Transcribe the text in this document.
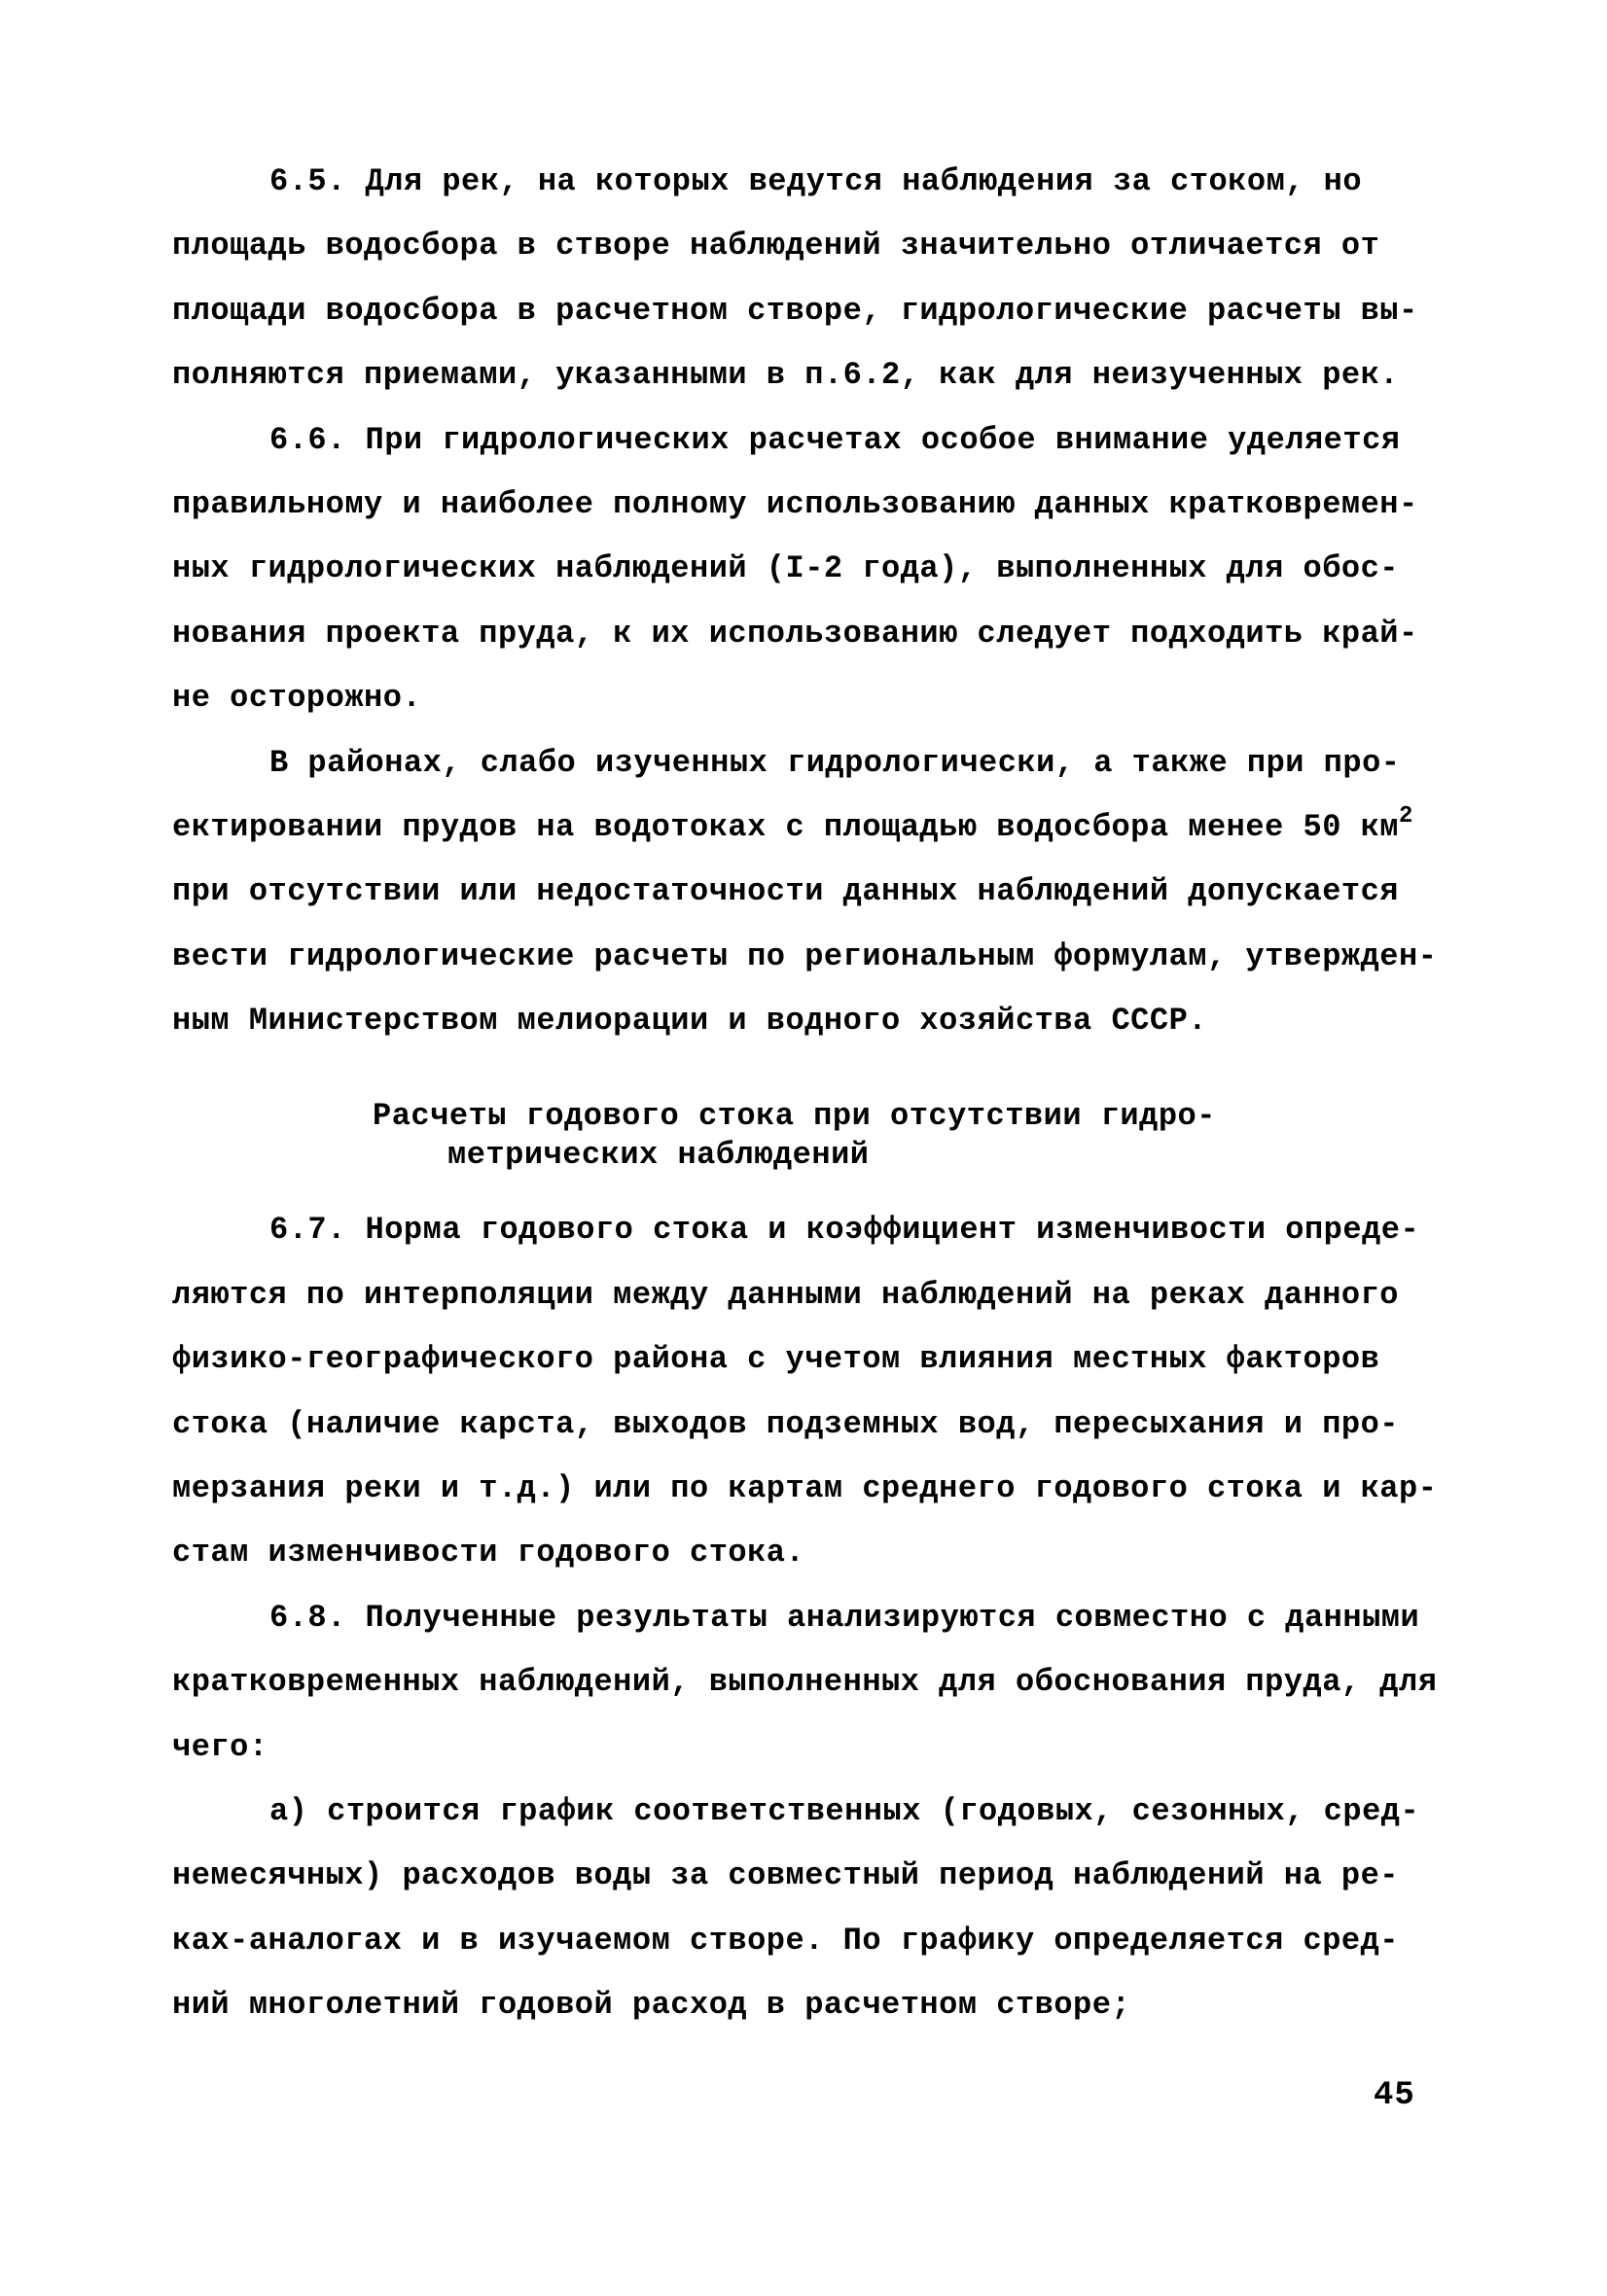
6.5. Для рек, на которых ведутся наблюдения за стоком, но
площадь водосбора в створе наблюдений значительно отличается от
площади водосбора в расчетном створе, гидрологические расчеты вы-
полняются приемами, указанными в п.6.2, как для неизученных рек.
6.6. При гидрологических расчетах особое внимание уделяется
правильному и наиболее полному использованию данных кратковремен-
ных гидрологических наблюдений (I-2 года), выполненных для обос-
нования проекта пруда, к их использованию следует подходить край-
не осторожно.
В районах, слабо изученных гидрологически, а также при про-
ектировании прудов на водотоках с площадью водосбора менее 50 $км^2$
при отсутствии или недостаточности данных наблюдений допускается
вести гидрологические расчеты по региональным формулам, утвержден-
ным Министерством мелиорации и водного хозяйства СССР.
Расчеты годового стока при отсутствии гидро-
метрических наблюдений
6.7. Норма годового стока и коэффициент изменчивости опреде-
ляются по интерполяции между данными наблюдений на реках данного
физико-географического района с учетом влияния местных факторов
стока (наличие карста, выходов подземных вод, пересыхания и про-
мерзания реки и т.д.) или по картам среднего годового стока и кар-
стам изменчивости годового стока.
6.8. Полученные результаты анализируются совместно с данными
кратковременных наблюдений, выполненных для обоснования пруда, для
чего:
а) строится график соответственных (годовых, сезонных, сред-
немесячных) расходов воды за совместный период наблюдений на ре-
ках-аналогах и в изучаемом створе. По графику определяется сред-
ний многолетний годовой расход в расчетном створе;
45
